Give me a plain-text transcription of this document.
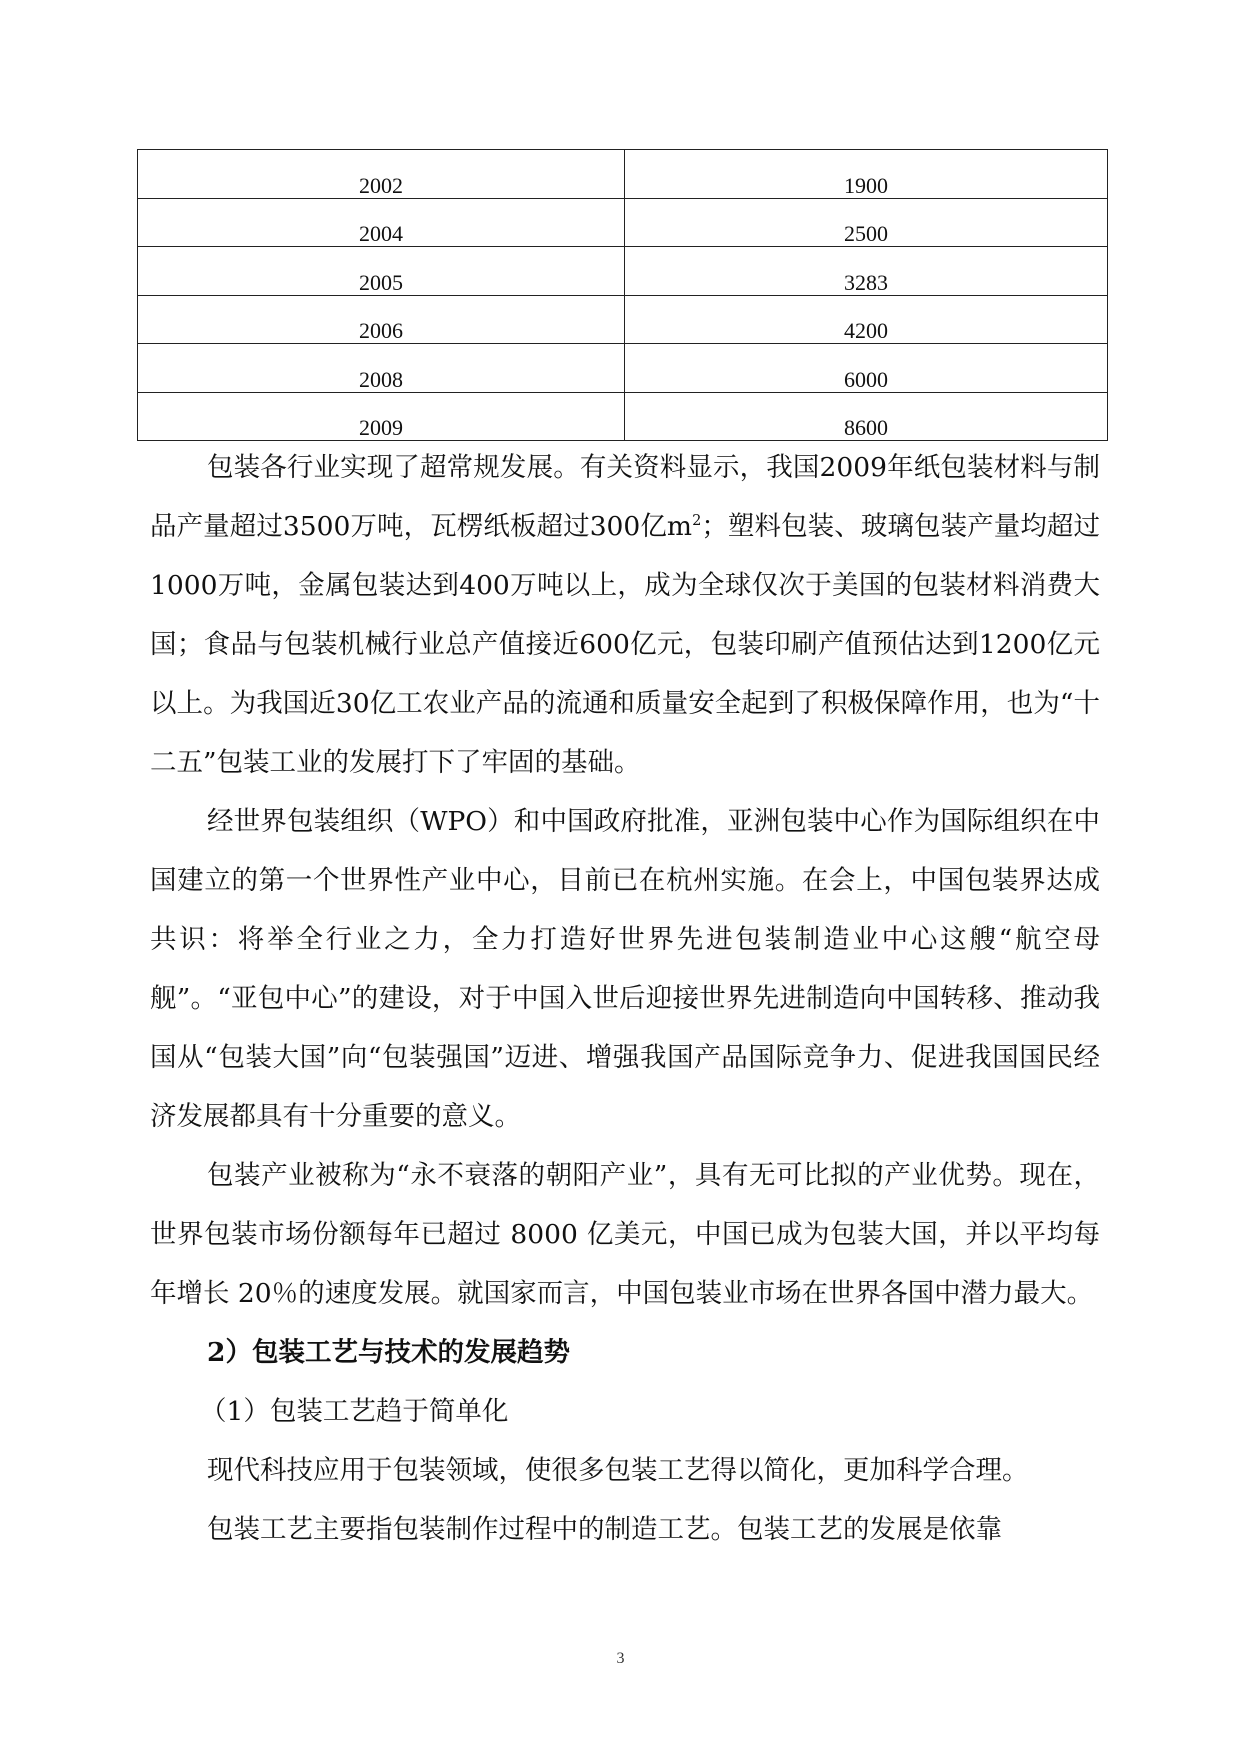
2002	1900
2004	2500
2005	3283
2006	4200
2008	6000
2009	8600

包装各行业实现了超常规发展。有关资料显示，我国2009年纸包装材料与制品产量超过3500万吨，瓦楞纸板超过300亿$m^2$；塑料包装、玻璃包装产量均超过1000万吨，金属包装达到400万吨以上，成为全球仅次于美国的包装材料消费大国；食品与包装机械行业总产值接近600亿元，包装印刷产值预估达到1200亿元以上。为我国近30亿工农业产品的流通和质量安全起到了积极保障作用，也为“十二五”包装工业的发展打下了牢固的基础。

经世界包装组织（WPO）和中国政府批准，亚洲包装中心作为国际组织在中国建立的第一个世界性产业中心，目前已在杭州实施。在会上，中国包装界达成共识：将举全行业之力，全力打造好世界先进包装制造业中心这艘“航空母舰”。“亚包中心”的建设，对于中国入世后迎接世界先进制造向中国转移、推动我国从“包装大国”向“包装强国”迈进、增强我国产品国际竞争力、促进我国国民经济发展都具有十分重要的意义。

包装产业被称为“永不衰落的朝阳产业”，具有无可比拟的产业优势。现在，世界包装市场份额每年已超过 8000 亿美元，中国已成为包装大国，并以平均每年增长 20％的速度发展。就国家而言，中国包装业市场在世界各国中潜力最大。

2）包装工艺与技术的发展趋势

（1）包装工艺趋于简单化

现代科技应用于包装领域，使很多包装工艺得以简化，更加科学合理。

包装工艺主要指包装制作过程中的制造工艺。包装工艺的发展是依靠

3
